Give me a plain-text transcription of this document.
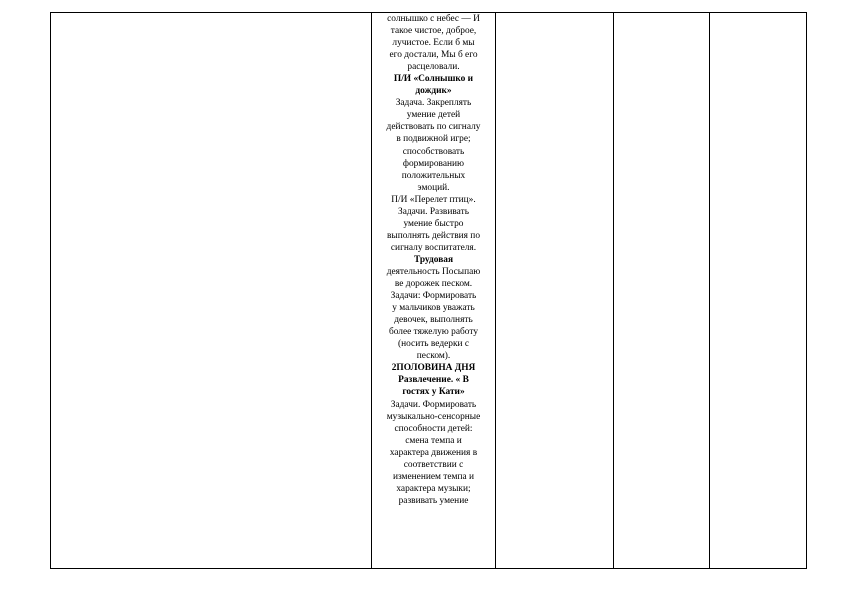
солнышко с небес — И
такое чистое, доброе,
лучистое. Если б мы
его достали, Мы б его
расцеловали.
П/И «Солнышко и
дождик»
Задача. Закреплять
умение детей
действовать по сигналу
в подвижной игре;
способствовать
формированию
положительных
эмоций.
П/И «Перелет птиц».
Задачи. Развивать
умение быстро
выполнять действия по
сигналу воспитателя.
Трудовая
деятельность Посыпаю
ве дорожек песком.
Задачи: Формировать
у мальчиков уважать
девочек, выполнять
более тяжелую работу
(носить ведерки с
песком).
2ПОЛОВИНА ДНЯ
Развлечение. « В
гостях у Кати»
Задачи. Формировать
музыкально-сенсорные
способности детей:
смена темпа и
характера движения в
соответствии с
изменением темпа и
характера музыки;
развивать умение
